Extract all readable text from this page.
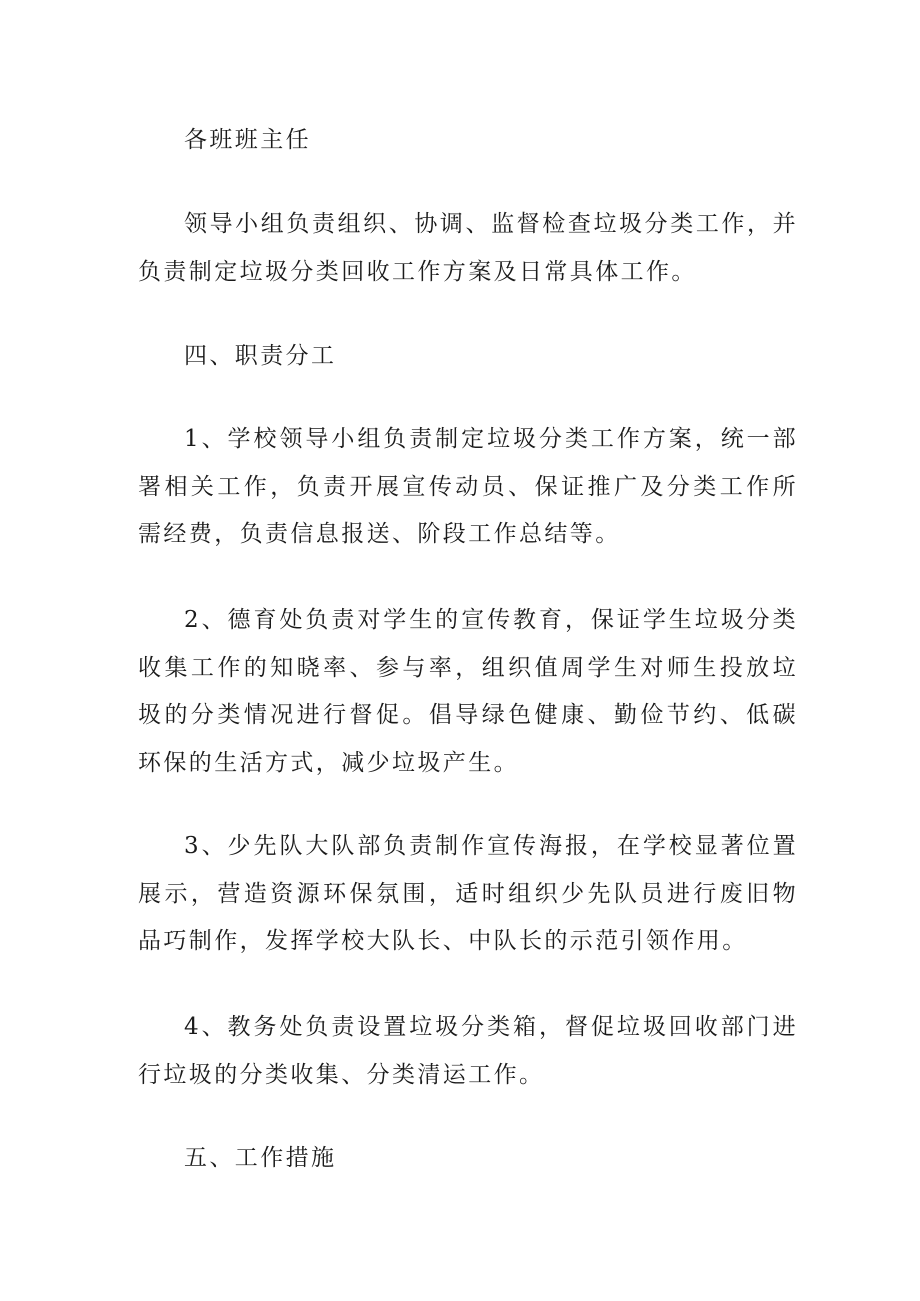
各班班主任

领导小组负责组织、协调、监督检查垃圾分类工作，并负责制定垃圾分类回收工作方案及日常具体工作。

四、职责分工

1、学校领导小组负责制定垃圾分类工作方案，统一部署相关工作，负责开展宣传动员、保证推广及分类工作所需经费，负责信息报送、阶段工作总结等。

2、德育处负责对学生的宣传教育，保证学生垃圾分类收集工作的知晓率、参与率，组织值周学生对师生投放垃圾的分类情况进行督促。倡导绿色健康、勤俭节约、低碳环保的生活方式，减少垃圾产生。

3、少先队大队部负责制作宣传海报，在学校显著位置展示，营造资源环保氛围，适时组织少先队员进行废旧物品巧制作，发挥学校大队长、中队长的示范引领作用。

4、教务处负责设置垃圾分类箱，督促垃圾回收部门进行垃圾的分类收集、分类清运工作。

五、工作措施
